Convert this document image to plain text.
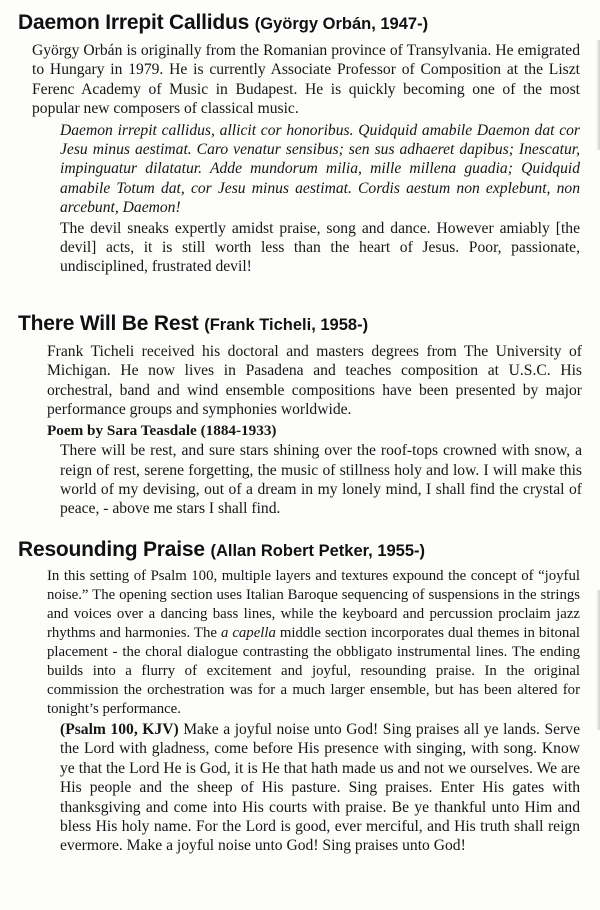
Daemon Irrepit Callidus (György Orbán, 1947-)

György Orbán is originally from the Romanian province of Transylvania. He emigrated to Hungary in 1979. He is currently Associate Professor of Composition at the Liszt Ferenc Academy of Music in Budapest. He is quickly becoming one of the most popular new composers of classical music.

Daemon irrepit callidus, allicit cor honoribus. Quidquid amabile Daemon dat cor Jesu minus aestimat. Caro venatur sensibus; sen sus adhaeret dapibus; Inescatur, impinguatur dilatatur. Adde mundorum milia, mille millena guadia; Quidquid amabile Totum dat, cor Jesu minus aestimat. Cordis aestum non explebunt, non arcebunt, Daemon!

The devil sneaks expertly amidst praise, song and dance. However amiably [the devil] acts, it is still worth less than the heart of Jesus. Poor, passionate, undisciplined, frustrated devil!

There Will Be Rest (Frank Ticheli, 1958-)

Frank Ticheli received his doctoral and masters degrees from The University of Michigan. He now lives in Pasadena and teaches composition at U.S.C. His orchestral, band and wind ensemble compositions have been presented by major performance groups and symphonies worldwide.

Poem by Sara Teasdale (1884-1933)

There will be rest, and sure stars shining over the roof-tops crowned with snow, a reign of rest, serene forgetting, the music of stillness holy and low. I will make this world of my devising, out of a dream in my lonely mind, I shall find the crystal of peace, - above me stars I shall find.

Resounding Praise (Allan Robert Petker, 1955-)

In this setting of Psalm 100, multiple layers and textures expound the concept of “joyful noise.” The opening section uses Italian Baroque sequencing of suspensions in the strings and voices over a dancing bass lines, while the keyboard and percussion proclaim jazz rhythms and harmonies. The a capella middle section incorporates dual themes in bitonal placement - the choral dialogue contrasting the obbligato instrumental lines. The ending builds into a flurry of excitement and joyful, resounding praise. In the original commission the orchestration was for a much larger ensemble, but has been altered for tonight’s performance.

(Psalm 100, KJV) Make a joyful noise unto God! Sing praises all ye lands. Serve the Lord with gladness, come before His presence with singing, with song. Know ye that the Lord He is God, it is He that hath made us and not we ourselves. We are His people and the sheep of His pasture. Sing praises. Enter His gates with thanksgiving and come into His courts with praise. Be ye thankful unto Him and bless His holy name. For the Lord is good, ever merciful, and His truth shall reign evermore. Make a joyful noise unto God! Sing praises unto God!
